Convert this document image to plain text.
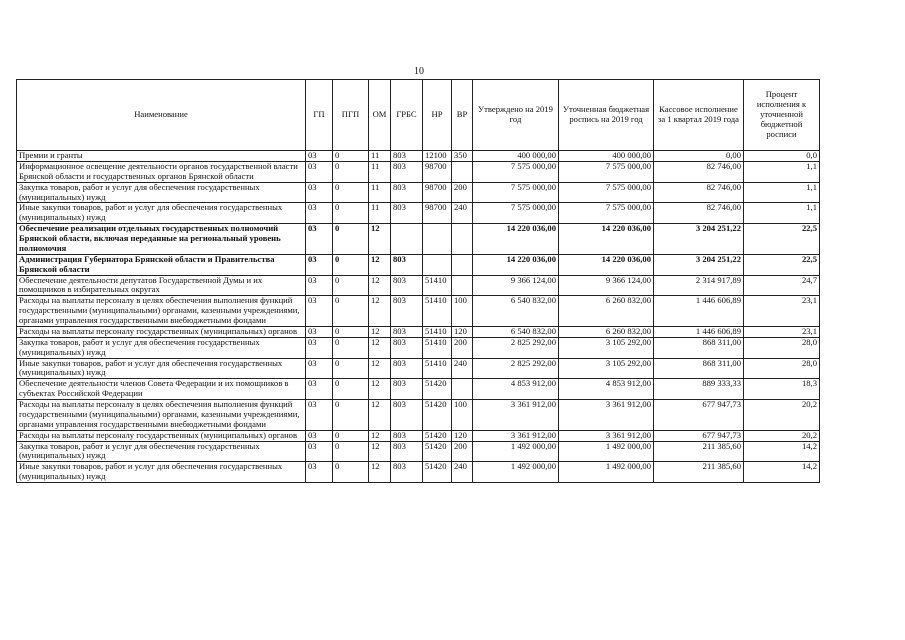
10
Наименование	ГП	ПГП	ОМ	ГРБС	НР	ВР	Утверждено на 2019 год	Уточненная бюджетная роспись на 2019 год	Кассовое исполнение за 1 квартал 2019 года	Процент исполнения к уточненной бюджетной росписи
Премии и гранты	03	0	11	803	12100	350	400 000,00	400 000,00	0,00	0,0
Информационное освещение деятельности органов государственной власти Брянской области и государственных органов Брянской области	03	0	11	803	98700		7 575 000,00	7 575 000,00	82 746,00	1,1
Закупка товаров, работ и услуг для обеспечения государственных (муниципальных) нужд	03	0	11	803	98700	200	7 575 000,00	7 575 000,00	82 746,00	1,1
Иные закупки товаров, работ и услуг для обеспечения государственных (муниципальных) нужд	03	0	11	803	98700	240	7 575 000,00	7 575 000,00	82 746,00	1,1
Обеспечение реализации отдельных государственных полномочий Брянской области, включая переданные на региональный уровень полномочия	03	0	12				14 220 036,00	14 220 036,00	3 204 251,22	22,5
Администрация Губернатора Брянской области и Правительства Брянской области	03	0	12	803			14 220 036,00	14 220 036,00	3 204 251,22	22,5
Обеспечение деятельности депутатов Государственной Думы и их помощников в избирательных округах	03	0	12	803	51410		9 366 124,00	9 366 124,00	2 314 917,89	24,7
Расходы на выплаты персоналу в целях обеспечения выполнения функций государственными (муниципальными) органами, казенными учреждениями, органами управления государственными внебюджетными фондами	03	0	12	803	51410	100	6 540 832,00	6 260 832,00	1 446 606,89	23,1
Расходы на выплаты персоналу государственных (муниципальных) органов	03	0	12	803	51410	120	6 540 832,00	6 260 832,00	1 446 606,89	23,1
Закупка товаров, работ и услуг для обеспечения государственных (муниципальных) нужд	03	0	12	803	51410	200	2 825 292,00	3 105 292,00	868 311,00	28,0
Иные закупки товаров, работ и услуг для обеспечения государственных (муниципальных) нужд	03	0	12	803	51410	240	2 825 292,00	3 105 292,00	868 311,00	28,0
Обеспечение деятельности членов Совета Федерации и их помощников в субъектах Российской Федерации	03	0	12	803	51420		4 853 912,00	4 853 912,00	889 333,33	18,3
Расходы на выплаты персоналу в целях обеспечения выполнения функций государственными (муниципальными) органами, казенными учреждениями, органами управления государственными внебюджетными фондами	03	0	12	803	51420	100	3 361 912,00	3 361 912,00	677 947,73	20,2
Расходы на выплаты персоналу государственных (муниципальных) органов	03	0	12	803	51420	120	3 361 912,00	3 361 912,00	677 947,73	20,2
Закупка товаров, работ и услуг для обеспечения государственных (муниципальных) нужд	03	0	12	803	51420	200	1 492 000,00	1 492 000,00	211 385,60	14,2
Иные закупки товаров, работ и услуг для обеспечения государственных (муниципальных) нужд	03	0	12	803	51420	240	1 492 000,00	1 492 000,00	211 385,60	14,2
